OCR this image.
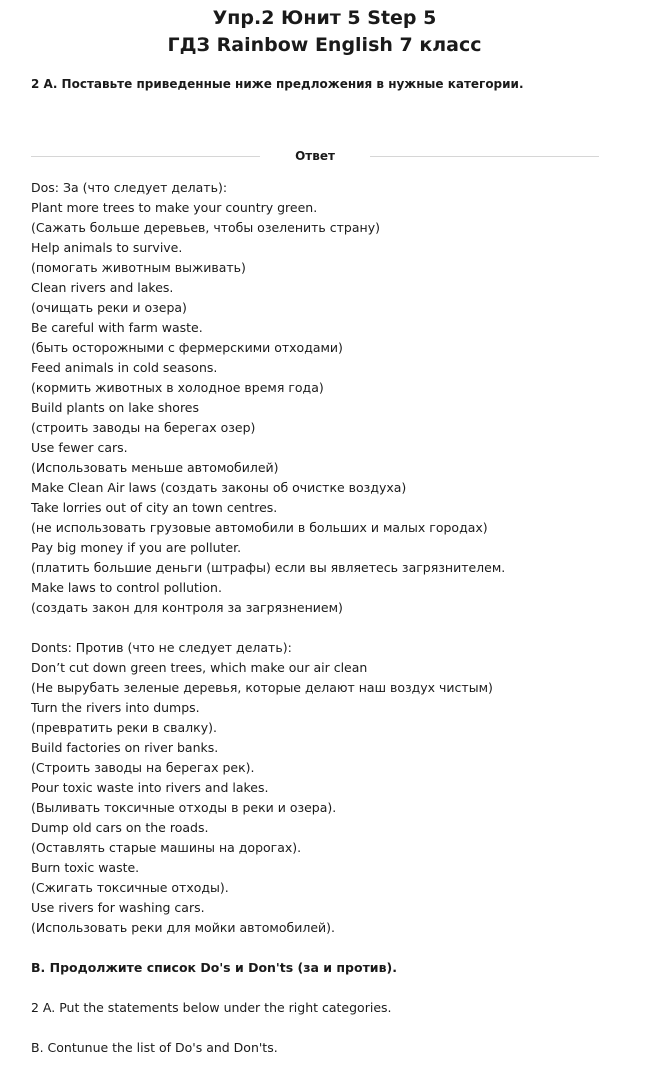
Упр.2 Юнит 5 Step 5
ГДЗ Rainbow English 7 класс

2 А. Поставьте приведенные ниже предложения в нужные категории.

Ответ
Dos: За (что следует делать):
Plant more trees to make your country green.
(Сажать больше деревьев, чтобы озеленить страну)
Help animals to survive.
(помогать животным выживать)
Clean rivers and lakes.
(очищать реки и озера)
Be careful with farm waste.
(быть осторожными с фермерскими отходами)
Feed animals in cold seasons.
(кормить животных в холодное время года)
Build plants on lake shores
(строить заводы на берегах озер)
Use fewer cars.
(Использовать меньше автомобилей)
Make Clean Air laws (создать законы об очистке воздуха)
Take lorries out of city an town centres.
(не использовать грузовые автомобили в больших и малых городах)
Pay big money if you are polluter.
(платить большие деньги (штрафы) если вы являетесь загрязнителем.
Make laws to control pollution.
(создать закон для контроля за загрязнением)
Donts: Против (что не следует делать):
Don’t cut down green trees, which make our air clean
(Не вырубать зеленые деревья, которые делают наш воздух чистым)
Turn the rivers into dumps.
(превратить реки в свалку).
Build factories on river banks.
(Строить заводы на берегах рек).
Pour toxic waste into rivers and lakes.
(Выливать токсичные отходы в реки и озера).
Dump old cars on the roads.
(Оставлять старые машины на дорогах).
Burn toxic waste.
(Сжигать токсичные отходы).
Use rivers for washing cars.
(Использовать реки для мойки автомобилей).
B. Продолжите список Do's и Don'ts (за и против).
2 A. Put the statements below under the right categories.
B. Contunue the list of Do's and Don'ts.
